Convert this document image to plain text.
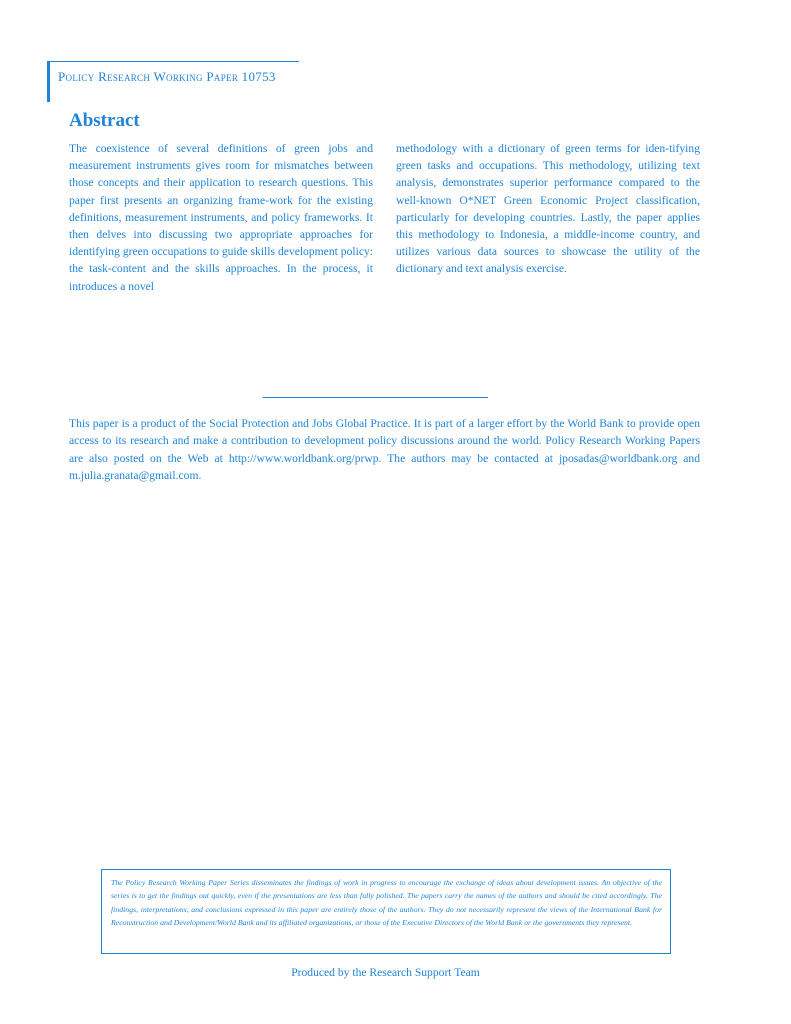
Policy Research Working Paper 10753
Abstract
The coexistence of several definitions of green jobs and measurement instruments gives room for mismatches between those concepts and their application to research questions. This paper first presents an organizing frame-work for the existing definitions, measurement instruments, and policy frameworks. It then delves into discussing two appropriate approaches for identifying green occupations to guide skills development policy: the task-content and the skills approaches. In the process, it introduces a novel
methodology with a dictionary of green terms for iden-tifying green tasks and occupations. This methodology, utilizing text analysis, demonstrates superior performance compared to the well-known O*NET Green Economic Project classification, particularly for developing countries. Lastly, the paper applies this methodology to Indonesia, a middle-income country, and utilizes various data sources to showcase the utility of the dictionary and text analysis exercise.
This paper is a product of the Social Protection and Jobs Global Practice. It is part of a larger effort by the World Bank to provide open access to its research and make a contribution to development policy discussions around the world. Policy Research Working Papers are also posted on the Web at http://www.worldbank.org/prwp. The authors may be contacted at jposadas@worldbank.org and m.julia.granata@gmail.com.
The Policy Research Working Paper Series disseminates the findings of work in progress to encourage the exchange of ideas about development issues. An objective of the series is to get the findings out quickly, even if the presentations are less than fully polished. The papers carry the names of the authors and should be cited accordingly. The findings, interpretations, and conclusions expressed in this paper are entirely those of the authors. They do not necessarily represent the views of the International Bank for Reconstruction and Development/World Bank and its affiliated organizations, or those of the Executive Directors of the World Bank or the governments they represent.
Produced by the Research Support Team
